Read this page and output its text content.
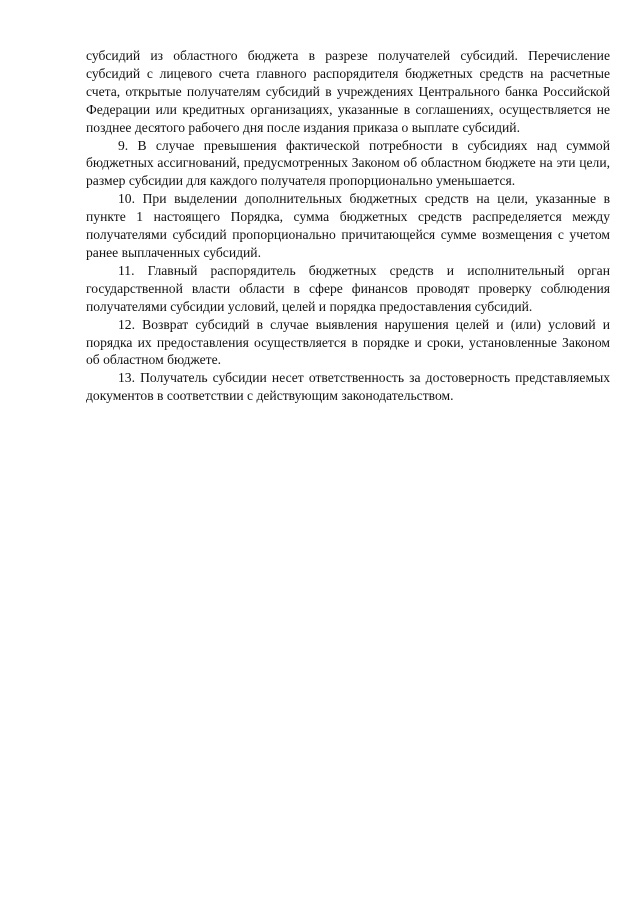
субсидий из областного бюджета в разрезе получателей субсидий. Перечисление субсидий с лицевого счета главного распорядителя бюджетных средств на расчетные счета, открытые получателям субсидий в учреждениях Центрального банка Российской Федерации или кредитных организациях, указанные в соглашениях, осуществляется не позднее десятого рабочего дня после издания приказа о выплате субсидий.

9. В случае превышения фактической потребности в субсидиях над суммой бюджетных ассигнований, предусмотренных Законом об областном бюджете на эти цели, размер субсидии для каждого получателя пропорционально уменьшается.

10. При выделении дополнительных бюджетных средств на цели, указанные в пункте 1 настоящего Порядка, сумма бюджетных средств распределяется между получателями субсидий пропорционально причитающейся сумме возмещения с учетом ранее выплаченных субсидий.

11. Главный распорядитель бюджетных средств и исполнительный орган государственной власти области в сфере финансов проводят проверку соблюдения получателями субсидии условий, целей и порядка предоставления субсидий.

12. Возврат субсидий в случае выявления нарушения целей и (или) условий и порядка их предоставления осуществляется в порядке и сроки, установленные Законом об областном бюджете.

13. Получатель субсидии несет ответственность за достоверность представляемых документов в соответствии с действующим законодательством.
